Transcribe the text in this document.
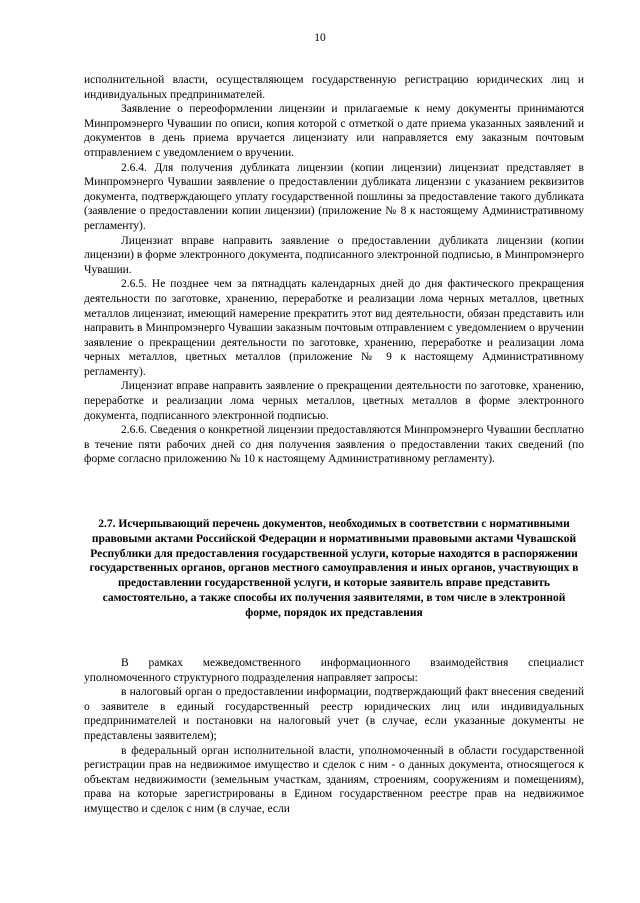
10

исполнительной власти, осуществляющем государственную регистрацию юридических лиц и индивидуальных предпринимателей.

Заявление о переоформлении лицензии и прилагаемые к нему документы принимаются Минпромэнерго Чувашии по описи, копия которой с отметкой о дате приема указанных заявлений и документов в день приема вручается лицензиату или направляется ему заказным почтовым отправлением с уведомлением о вручении.

2.6.4. Для получения дубликата лицензии (копии лицензии) лицензиат представляет в Минпромэнерго Чувашии заявление о предоставлении дубликата лицензии с указанием реквизитов документа, подтверждающего уплату государственной пошлины за предоставление такого дубликата (заявление о предоставлении копии лицензии) (приложение № 8 к настоящему Административному регламенту).

Лицензиат вправе направить заявление о предоставлении дубликата лицензии (копии лицензии) в форме электронного документа, подписанного электронной подписью, в Минпромэнерго Чувашии.

2.6.5. Не позднее чем за пятнадцать календарных дней до дня фактического прекращения деятельности по заготовке, хранению, переработке и реализации лома черных металлов, цветных металлов лицензиат, имеющий намерение прекратить этот вид деятельности, обязан представить или направить в Минпромэнерго Чувашии заказным почтовым отправлением с уведомлением о вручении заявление о прекращении деятельности по заготовке, хранению, переработке и реализации лома черных металлов, цветных металлов (приложение № 9 к настоящему Административному регламенту).

Лицензиат вправе направить заявление о прекращении деятельности по заготовке, хранению, переработке и реализации лома черных металлов, цветных металлов в форме электронного документа, подписанного электронной подписью.

2.6.6. Сведения о конкретной лицензии предоставляются Минпромэнерго Чувашии бесплатно в течение пяти рабочих дней со дня получения заявления о предоставлении таких сведений (по форме согласно приложению № 10 к настоящему Административному регламенту).

2.7. Исчерпывающий перечень документов, необходимых в соответствии с нормативными правовыми актами Российской Федерации и нормативными правовыми актами Чувашской Республики для предоставления государственной услуги, которые находятся в распоряжении государственных органов, органов местного самоуправления и иных органов, участвующих в предоставлении государственной услуги, и которые заявитель вправе представить самостоятельно, а также способы их получения заявителями, в том числе в электронной форме, порядок их представления

В рамках межведомственного информационного взаимодействия специалист уполномоченного структурного подразделения направляет запросы:

в налоговый орган о предоставлении информации, подтверждающий факт внесения сведений о заявителе в единый государственный реестр юридических лиц или индивидуальных предпринимателей и постановки на налоговый учет (в случае, если указанные документы не представлены заявителем);

в федеральный орган исполнительной власти, уполномоченный в области государственной регистрации прав на недвижимое имущество и сделок с ним - о данных документа, относящегося к объектам недвижимости (земельным участкам, зданиям, строениям, сооружениям и помещениям), права на которые зарегистрированы в Едином государственном реестре прав на недвижимое имущество и сделок с ним (в случае, если
